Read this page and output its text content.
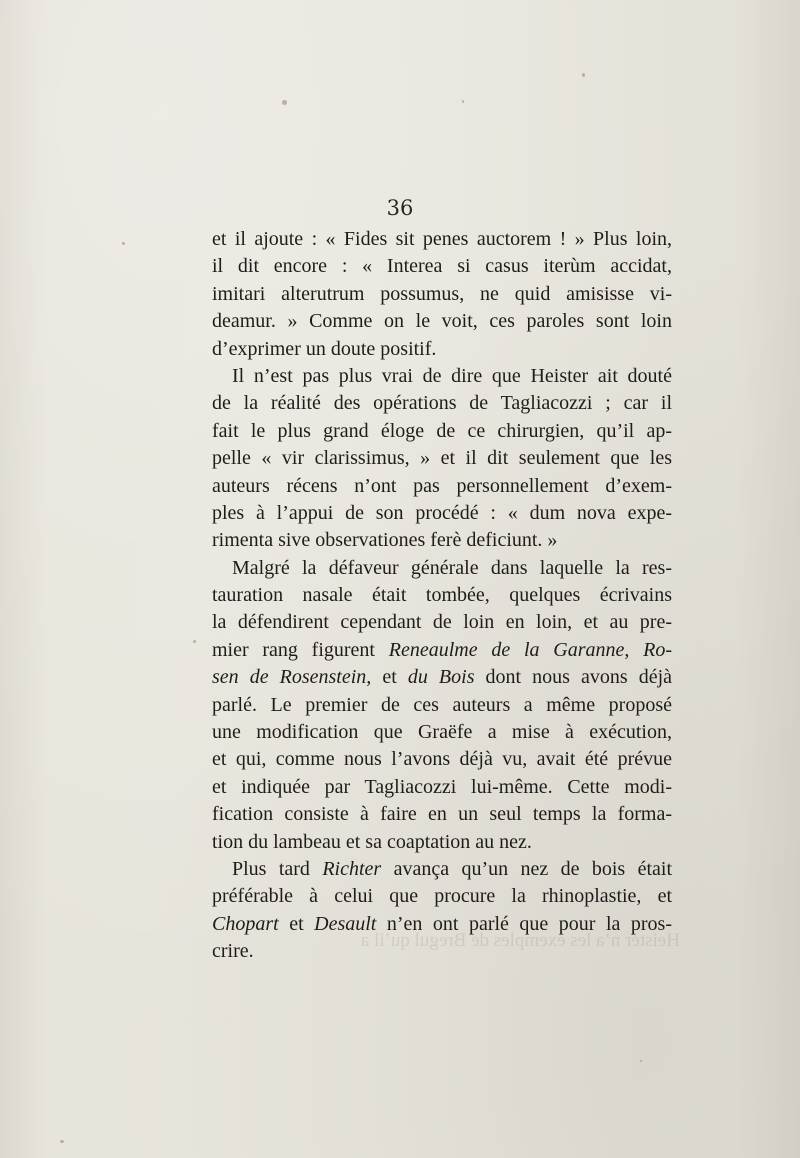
36
et il ajoute : « Fides sit penes auctorem ! » Plus loin,
il dit encore : « Interea si casus iterùm accidat,
imitari alterutrum possumus, ne quid amisisse vi-
deamur. » Comme on le voit, ces paroles sont loin
d’exprimer un doute positif.
Il n’est pas plus vrai de dire que Heister ait douté
de la réalité des opérations de Tagliacozzi ; car il
fait le plus grand éloge de ce chirurgien, qu’il ap-
pelle « vir clarissimus, » et il dit seulement que les
auteurs récens n’ont pas personnellement d’exem-
ples à l’appui de son procédé : « dum nova expe-
rimenta sive observationes ferè deficiunt. »
Malgré la défaveur générale dans laquelle la res-
tauration nasale était tombée, quelques écrivains
la défendirent cependant de loin en loin, et au pre-
mier rang figurent Reneaulme de la Garanne, Ro-
sen de Rosenstein, et du Bois dont nous avons déjà
parlé. Le premier de ces auteurs a même proposé
une modification que Graëfe a mise à exécution,
et qui, comme nous l’avons déjà vu, avait été prévue
et indiquée par Tagliacozzi lui-même. Cette modi-
fication consiste à faire en un seul temps la forma-
tion du lambeau et sa coaptation au nez.
Plus tard Richter avança qu’un nez de bois était
préférable à celui que procure la rhinoplastie, et
Chopart et Desault n’en ont parlé que pour la pros-
crire.	Heister n’a les exemples de Bregul qu’il a
